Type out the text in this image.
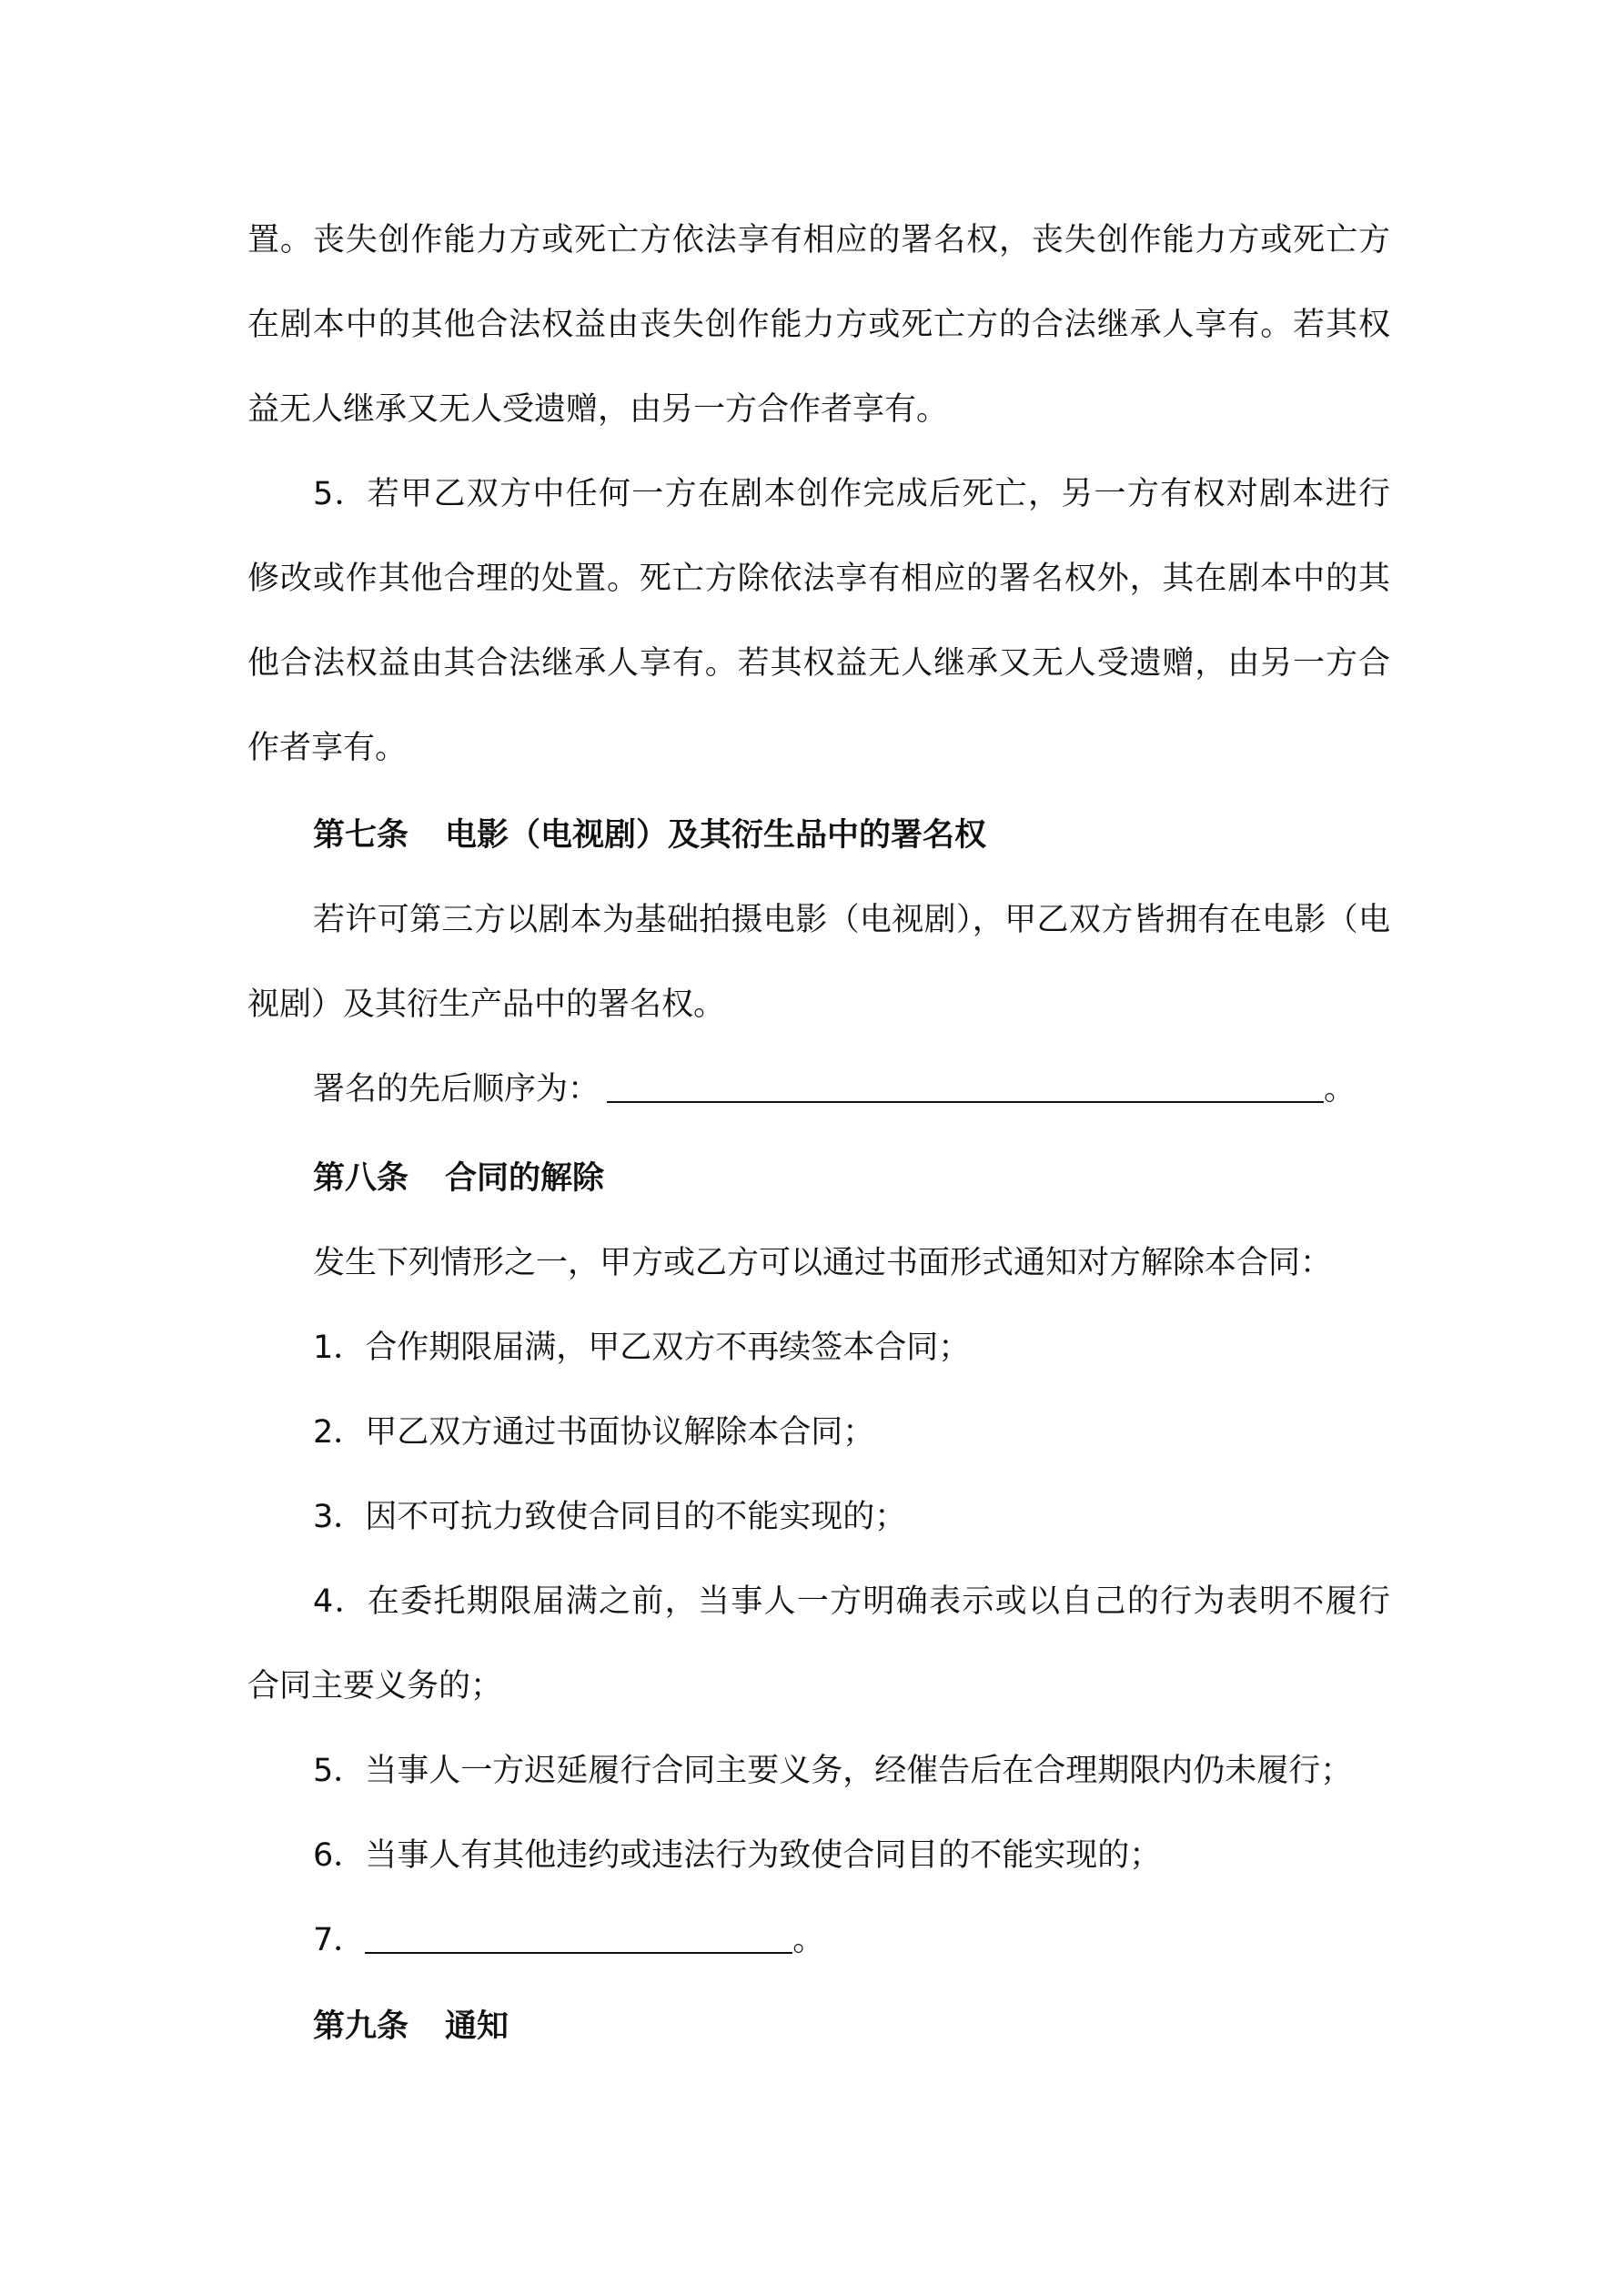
置。丧失创作能力方或死亡方依法享有相应的署名权，丧失创作能力方或死亡方
在剧本中的其他合法权益由丧失创作能力方或死亡方的合法继承人享有。若其权
益无人继承又无人受遗赠，由另一方合作者享有。
5．若甲乙双方中任何一方在剧本创作完成后死亡，另一方有权对剧本进行
修改或作其他合理的处置。死亡方除依法享有相应的署名权外，其在剧本中的其
他合法权益由其合法继承人享有。若其权益无人继承又无人受遗赠，由另一方合
作者享有。
第七条 电影（电视剧）及其衍生品中的署名权
若许可第三方以剧本为基础拍摄电影（电视剧），甲乙双方皆拥有在电影（电
视剧）及其衍生产品中的署名权。
署名的先后顺序为：	。
第八条 合同的解除
发生下列情形之一，甲方或乙方可以通过书面形式通知对方解除本合同：
1．合作期限届满，甲乙双方不再续签本合同；
2．甲乙双方通过书面协议解除本合同；
3．因不可抗力致使合同目的不能实现的；
4．在委托期限届满之前，当事人一方明确表示或以自己的行为表明不履行
合同主要义务的；
5．当事人一方迟延履行合同主要义务，经催告后在合理期限内仍未履行；
6．当事人有其他违约或违法行为致使合同目的不能实现的；
7．	。
第九条 通知
